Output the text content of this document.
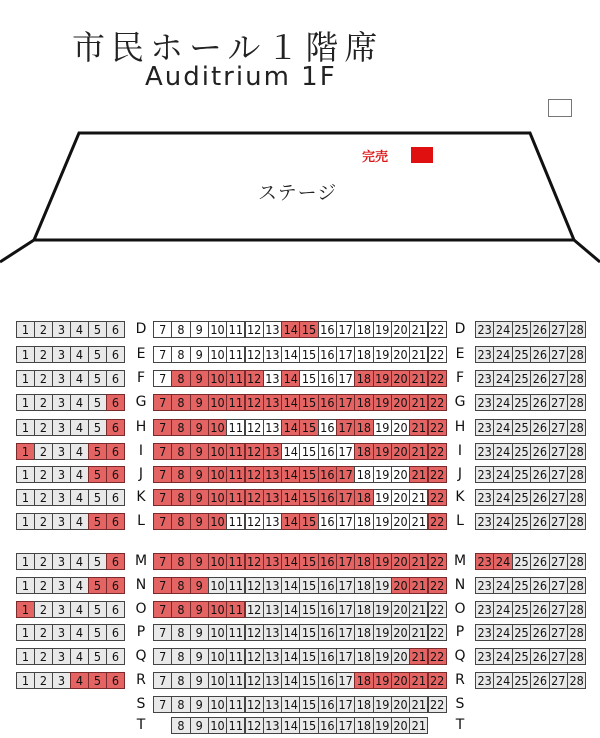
市民ホール１階席
Auditrium 1F
完売
ステージ
1 2 3 4 5 6	D	7 8 9 10 11 12 13 14 15 16 17 18 19 20 21 22 D 23 24 25 26 27 28
1 2 3 4 5 6	E	7 8 9 10 11 12 13 14 15 16 17 18 19 20 21 22 E 23 24 25 26 27 28
1 2 3 4 5 6	F	7 8 9 10 11 12 13 14 15 16 17 18 19 20 21 22 F	23 24 25 26 27 28
1 2 3 4 5 6	G	7 8 9 10 11 12 13 14 15 16 17 18 19 20 21 22 G 23 24 25 26 27 28
1 2 3 4 5 6	H	7 8 9 10 11 12 13 14 15 16 17 18 19 20 21 22 H 23 24 25 26 27 28
1 2 3 4 5 6	I	7 8 9 10 11 12 13 14 15 16 17 18 19 20 21 22 I	23 24 25 26 27 28
1 2 3 4 5 6	J	7 8 9 10 11 12 13 14 15 16 17 18 19 20 21 22 J	23 24 25 26 27 28
1 2 3 4 5 6	K	7 8 9 10 11 12 13 14 15 16 17 18 19 20 21 22 K 23 24 25 26 27 28
1 2 3 4 5 6	L	7 8 9 10 11 12 13 14 15 16 17 18 19 20 21 22 L	23 24 25 26 27 28
1 2 3 4 5 6	M 7 8 9 10 11 12 13 14 15 16 17 18 19 20 21 22 M 23 24 25 26 27 28
1 2 3 4 5 6	N	7 8 9 10 11 12 13 14 15 16 17 18 19 20 21 22 N 23 24 25 26 27 28
1 2 3 4 5 6	O	7 8 9 10 11 12 13 14 15 16 17 18 19 20 21 22 O 23 24 25 26 27 28
1 2 3 4 5 6	P	7 8 9 10 11 12 13 14 15 16 17 18 19 20 21 22 P	23 24 25 26 27 28
1 2 3 4 5 6	Q	7 8 9 10 11 12 13 14 15 16 17 18 19 20 21 22 Q 23 24 25 26 27 28
1 2 3 4 5 6	R	7 8 9 10 11 12 13 14 15 16 17 18 19 20 21 22 R 23 24 25 26 27 28
S	7 8 9 10 11 12 13 14 15 16 17 18 19 20 21 22 S
T	8 9 10 11 12 13 14 15 16 17 18 19 20 21 T
